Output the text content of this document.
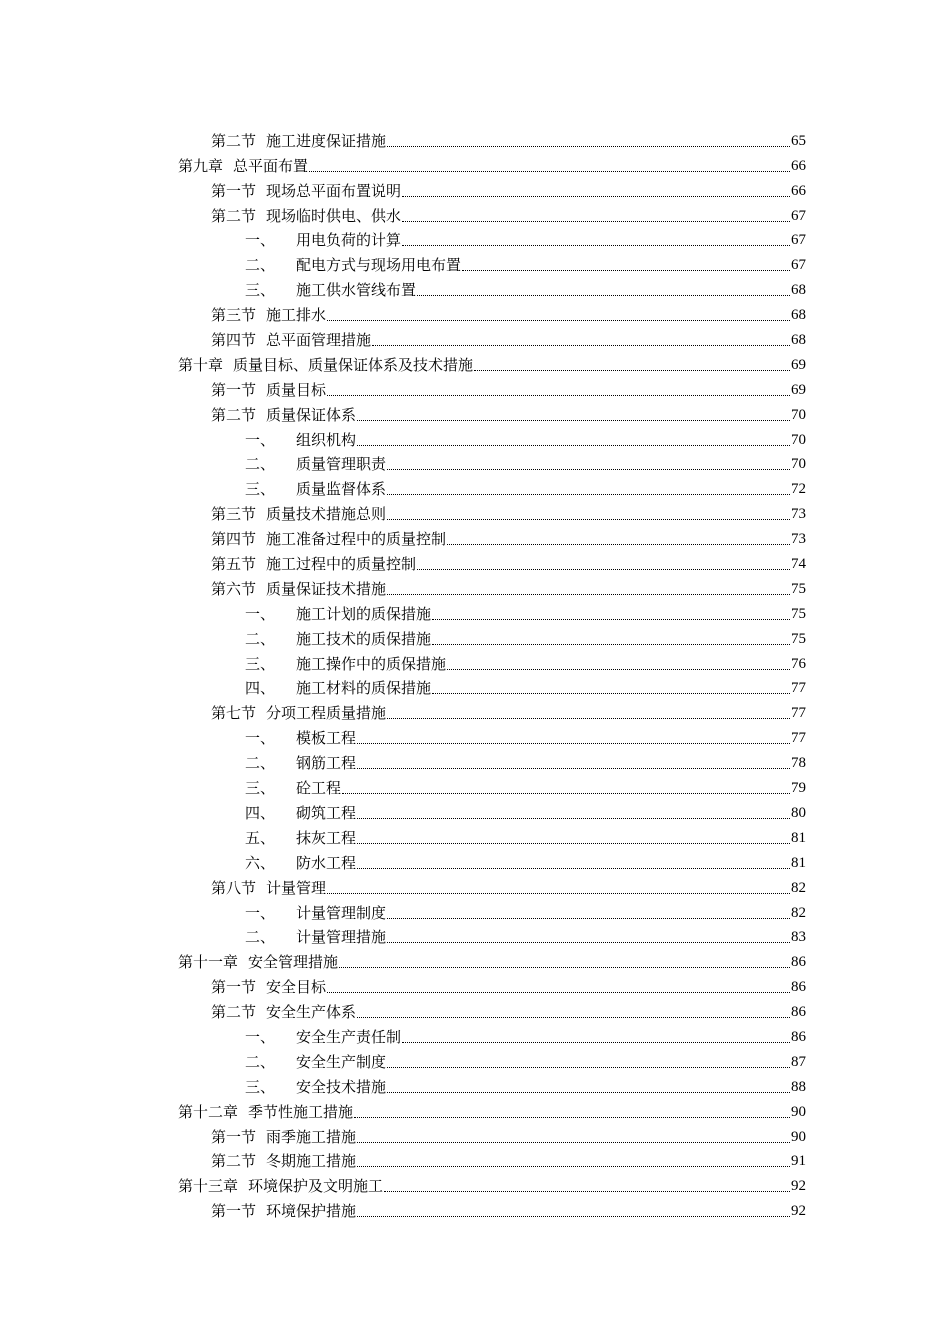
第二节 施工进度保证措施	65
第九章 总平面布置	66
第一节 现场总平面布置说明	66
第二节 现场临时供电、供水	67
一、	用电负荷的计算	67
二、	配电方式与现场用电布置	67
三、	施工供水管线布置	68
第三节 施工排水	68
第四节 总平面管理措施	68
第十章 质量目标、质量保证体系及技术措施	69
第一节 质量目标	69
第二节 质量保证体系	70
一、	组织机构	70
二、	质量管理职责	70
三、	质量监督体系	72
第三节 质量技术措施总则	73
第四节 施工准备过程中的质量控制	73
第五节 施工过程中的质量控制	74
第六节 质量保证技术措施	75
一、	施工计划的质保措施	75
二、	施工技术的质保措施	75
三、	施工操作中的质保措施	76
四、	施工材料的质保措施	77
第七节 分项工程质量措施	77
一、	模板工程	77
二、	钢筋工程	78
三、	砼工程	79
四、	砌筑工程	80
五、	抹灰工程	81
六、	防水工程	81
第八节 计量管理	82
一、	计量管理制度	82
二、	计量管理措施	83
第十一章 安全管理措施	86
第一节 安全目标	86
第二节 安全生产体系	86
一、	安全生产责任制	86
二、	安全生产制度	87
三、	安全技术措施	88
第十二章 季节性施工措施	90
第一节 雨季施工措施	90
第二节 冬期施工措施	91
第十三章 环境保护及文明施工	92
第一节 环境保护措施	92
